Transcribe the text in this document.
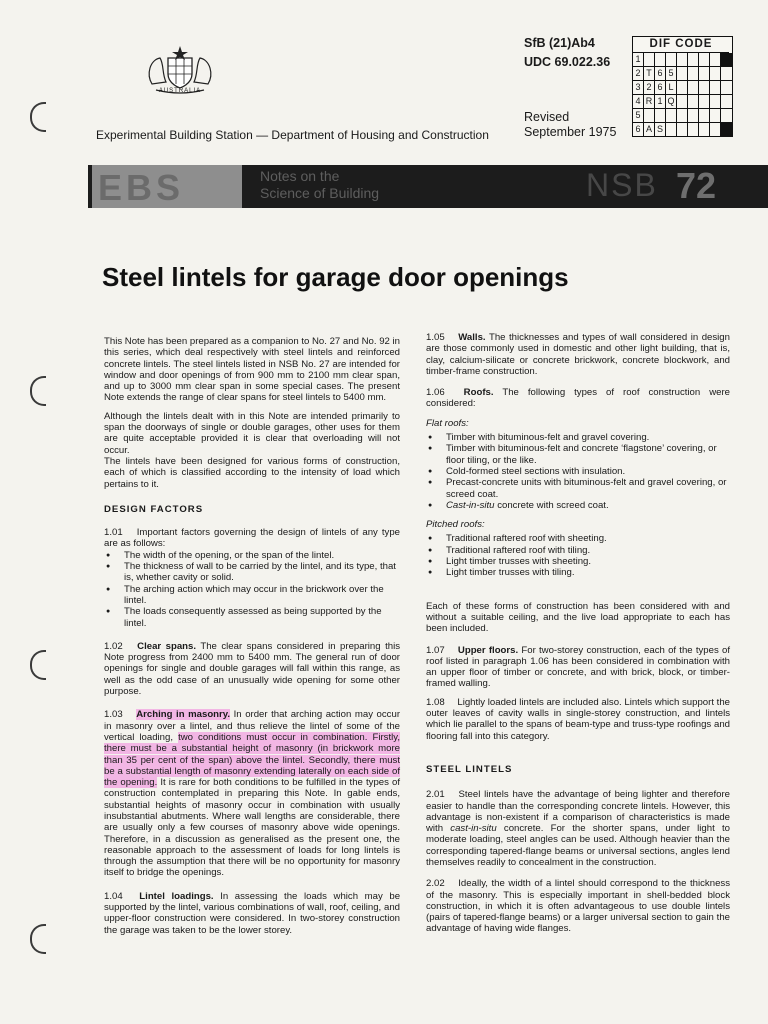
AUSTRALIA
Experimental Building Station — Department of Housing and Construction
SfB (21)Ab4
UDC 69.022.36
Revised
September 1975
DIF CODE
1
2 T 6 5
3 2 6 L
4 R 1 Q
5
6 A S
EBS	Notes on the
Science of Building	NSB 72
Steel lintels for garage door openings

This Note has been prepared as a companion to No. 27 and No. 92 in this series, which deal respectively with steel lintels and reinforced concrete lintels. The steel lintels listed in NSB No. 27 are intended for window and door openings of from 900 mm to 2100 mm clear span, and up to 3000 mm clear span in some special cases. The present Note extends the range of clear spans for steel lintels to 5400 mm.

Although the lintels dealt with in this Note are intended primarily to span the doorways of single or double garages, other uses for them are quite acceptable provided it is clear that overloading will not occur.

The lintels have been designed for various forms of construction, each of which is classified according to the intensity of load which pertains to it.

DESIGN FACTORS

1.01 Important factors governing the design of lintels of any type are as follows:

● The width of the opening, or the span of the lintel.
● The thickness of wall to be carried by the lintel, and its type, that is, whether cavity or solid.
● The arching action which may occur in the brickwork over the lintel.
● The loads consequently assessed as being supported by the lintel.

1.02 Clear spans. The clear spans considered in preparing this Note progress from 2400 mm to 5400 mm. The general run of door openings for single and double garages will fall within this range, as well as the odd case of an unusually wide opening for some other purpose.

1.03 Arching in masonry. In order that arching action may occur in masonry over a lintel, and thus relieve the lintel of some of the vertical loading, two conditions must occur in combination. Firstly, there must be a substantial height of masonry (in brickwork more than 35 per cent of the span) above the lintel. Secondly, there must be a substantial length of masonry extending laterally on each side of the opening. It is rare for both conditions to be fulfilled in the types of construction contemplated in preparing this Note. In gable ends, substantial heights of masonry occur in combination with usually insubstantial abutments. Where wall lengths are considerable, there are usually only a few courses of masonry above wide openings. Therefore, in a discussion as generalised as the present one, the reasonable approach to the assessment of loads for long lintels is through the assumption that there will be no opportunity for masonry itself to bridge the openings.

1.04 Lintel loadings. In assessing the loads which may be supported by the lintel, various combinations of wall, roof, ceiling, and upper-floor construction were considered. In two-storey construction the garage was taken to be the lower storey.

1.05 Walls. The thicknesses and types of wall considered in design are those commonly used in domestic and other light building, that is, clay, calcium-silicate or concrete brickwork, concrete blockwork, and timber-frame construction.

1.06 Roofs. The following types of roof construction were considered:

Flat roofs:
● Timber with bituminous-felt and gravel covering.
● Timber with bituminous-felt and concrete ‘flagstone’ covering, or floor tiling, or the like.
● Cold-formed steel sections with insulation.
● Precast-concrete units with bituminous-felt and gravel covering, or screed coat.
● Cast-in-situ concrete with screed coat.
Pitched roofs:
● Traditional raftered roof with sheeting.
● Traditional raftered roof with tiling.
● Light timber trusses with sheeting.
● Light timber trusses with tiling.

Each of these forms of construction has been considered with and without a suitable ceiling, and the live load appropriate to each has been included.

1.07 Upper floors. For two-storey construction, each of the types of roof listed in paragraph 1.06 has been considered in combination with an upper floor of timber or concrete, and with brick, block, or timber-framed walling.

1.08 Lightly loaded lintels are included also. Lintels which support the outer leaves of cavity walls in single-storey construction, and lintels which lie parallel to the spans of beam-type and truss-type roofings and flooring fall into this category.

STEEL LINTELS

2.01 Steel lintels have the advantage of being lighter and therefore easier to handle than the corresponding concrete lintels. However, this advantage is non-existent if a comparison of characteristics is made with cast-in-situ concrete. For the shorter spans, under light to moderate loading, steel angles can be used. Although heavier than the corresponding tapered-flange beams or universal sections, angles lend themselves readily to concealment in the construction.

2.02 Ideally, the width of a lintel should correspond to the thickness of the masonry. This is especially important in shell-bedded block construction, in which it is often advantageous to use double lintels (pairs of tapered-flange beams) or a larger universal section to gain the advantage of having wide flanges.
